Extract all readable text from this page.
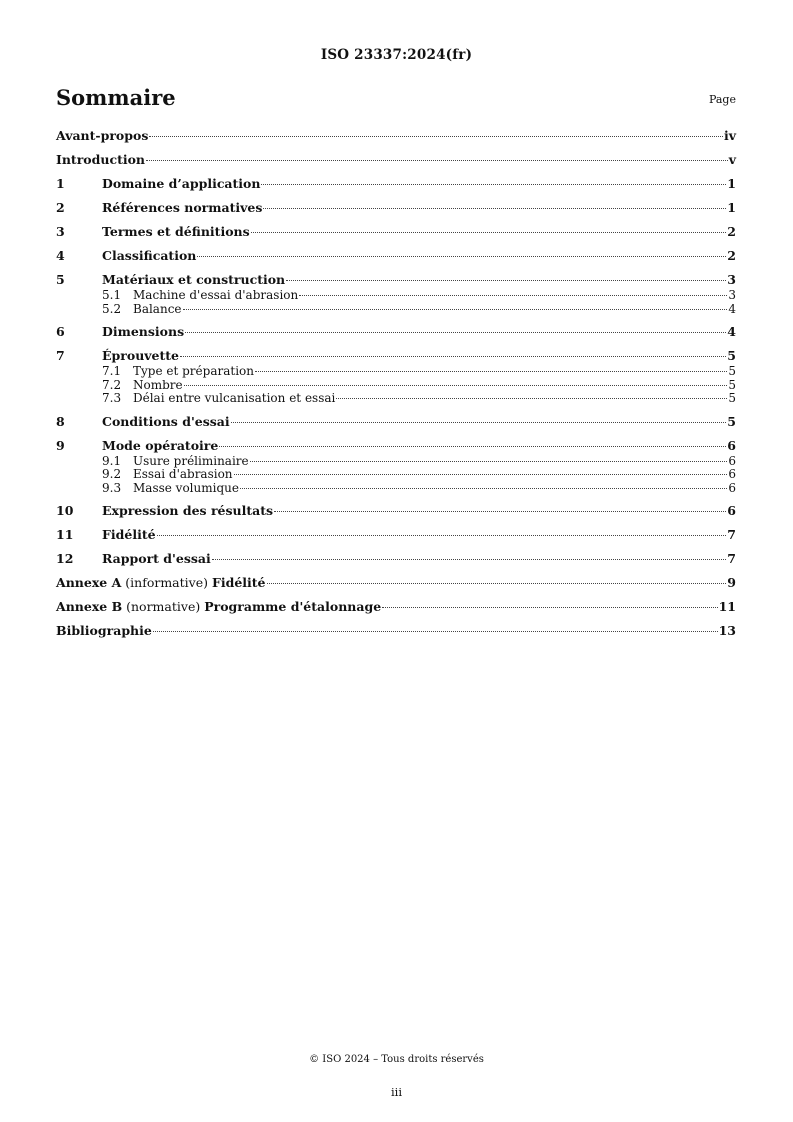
ISO 23337:2024(fr)
Sommaire	Page
Avant-propos	iv
Introduction	v
1	Domaine d’application	1
2	Références normatives	1
3	Termes et définitions	2
4	Classification	2
5	Matériaux et construction	3
5.1 Machine d'essai d'abrasion	3
5.2 Balance	4
6	Dimensions	4
7	Éprouvette	5
7.1 Type et préparation	5
7.2 Nombre	5
7.3 Délai entre vulcanisation et essai	5
8	Conditions d'essai	5
9	Mode opératoire	6
9.1 Usure préliminaire	6
9.2 Essai d'abrasion	6
9.3 Masse volumique	6
10	Expression des résultats	6
11	Fidélité	7
12	Rapport d'essai	7
Annexe A (informative) Fidélité	9
Annexe B (normative) Programme d'étalonnage	11
Bibliographie	13
© ISO 2024 – Tous droits réservés
iii
